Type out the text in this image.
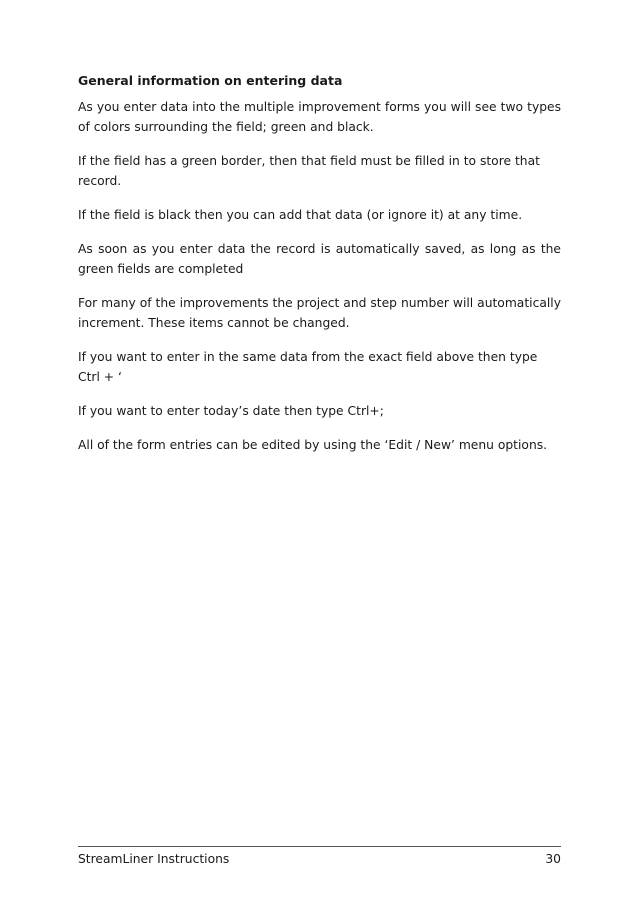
General information on entering data

As you enter data into the multiple improvement forms you will see two types of colors surrounding the field; green and black.

If the field has a green border, then that field must be filled in to store that record.

If the field is black then you can add that data (or ignore it) at any time.

As soon as you enter data the record is automatically saved, as long as the green fields are completed

For many of the improvements the project and step number will automatically increment. These items cannot be changed.

If you want to enter in the same data from the exact field above then type Ctrl + ‘

If you want to enter today’s date then type Ctrl+;

All of the form entries can be edited by using the ‘Edit / New’ menu options.

StreamLiner Instructions	30
